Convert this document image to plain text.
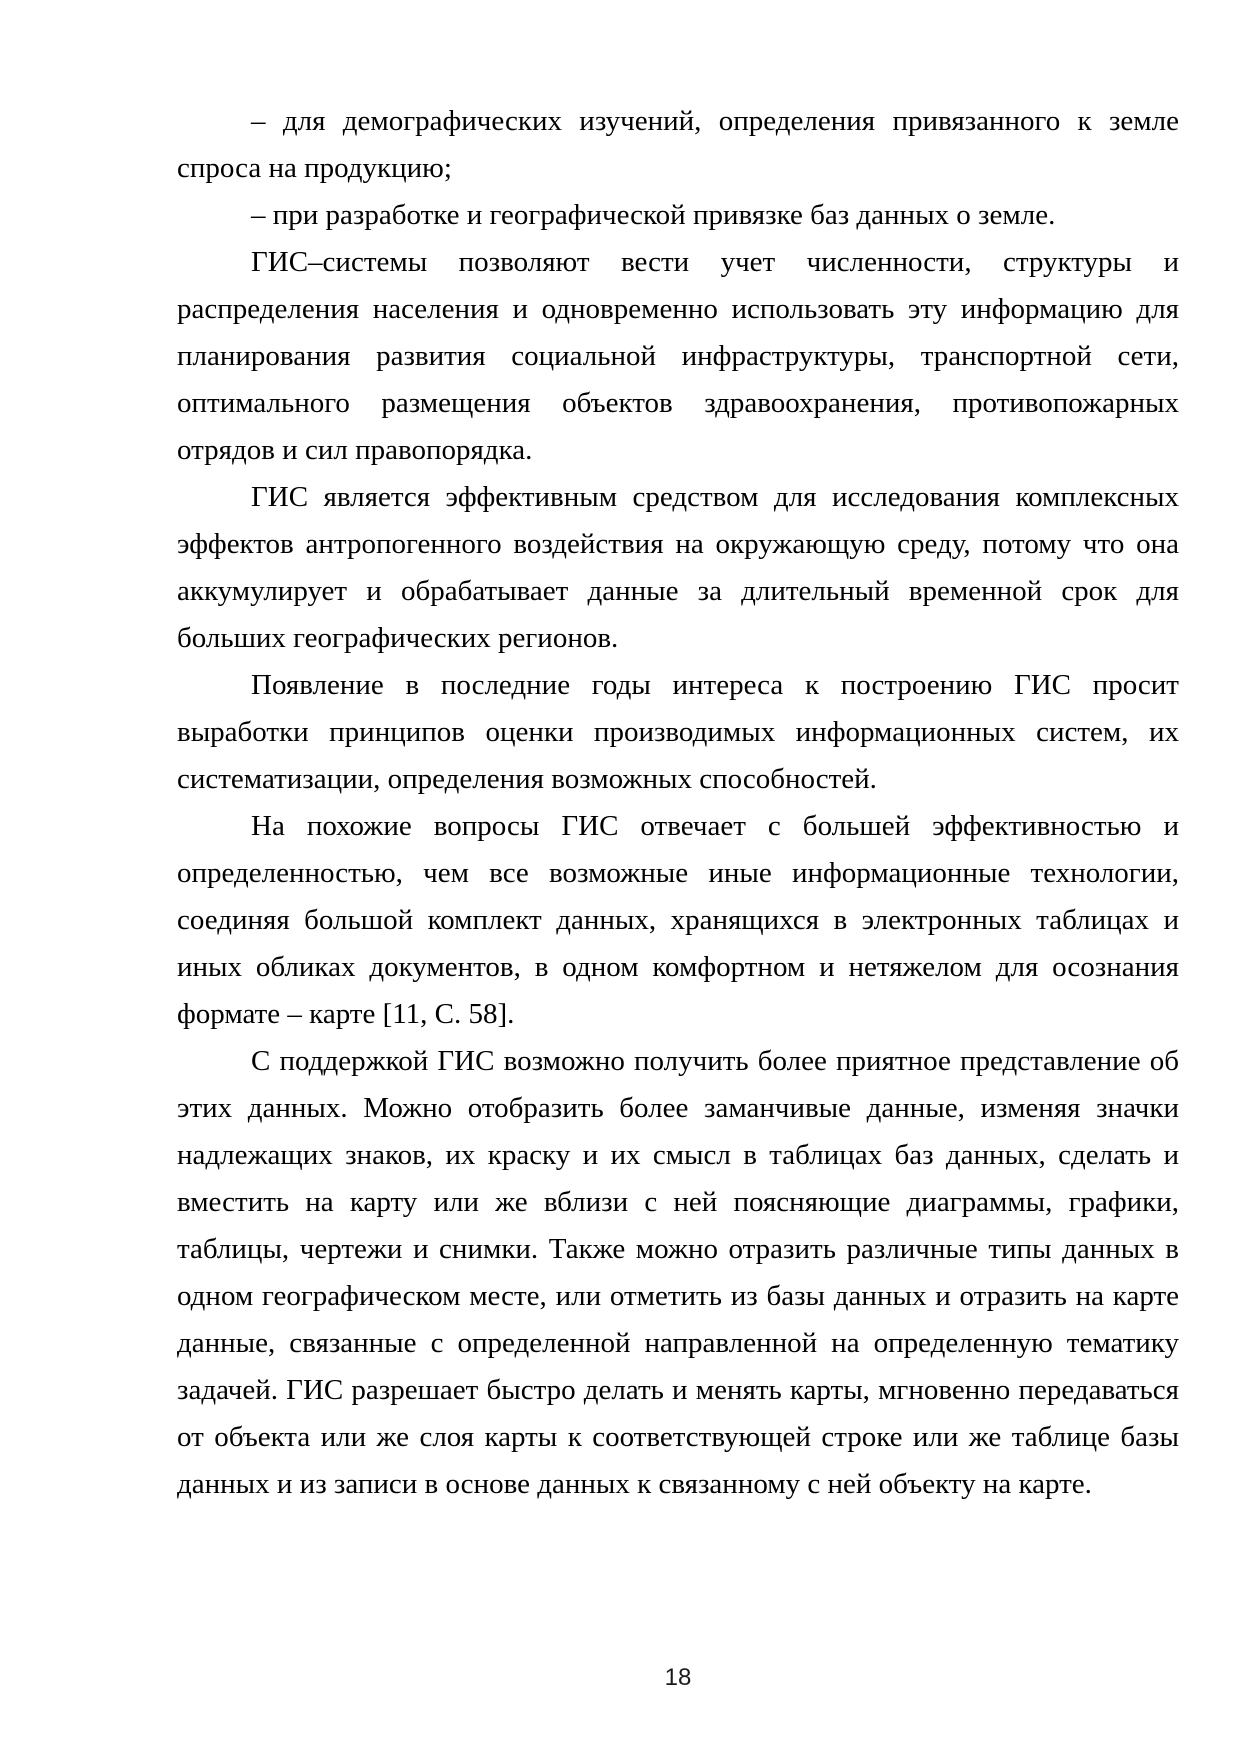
– для демографических изучений, определения привязанного к земле спроса на продукцию;

– при разработке и географической привязке баз данных о земле.

ГИС–системы позволяют вести учет численности, структуры и распределения населения и одновременно использовать эту информацию для планирования развития социальной инфраструктуры, транспортной сети, оптимального размещения объектов здравоохранения, противопожарных отрядов и сил правопорядка.

ГИС является эффективным средством для исследования комплексных эффектов антропогенного воздействия на окружающую среду, потому что она аккумулирует и обрабатывает данные за длительный временной срок для больших географических регионов.

Появление в последние годы интереса к построению ГИС просит выработки принципов оценки производимых информационных систем, их систематизации, определения возможных способностей.

На похожие вопросы ГИС отвечает с большей эффективностью и определенностью, чем все возможные иные информационные технологии, соединяя большой комплект данных, хранящихся в электронных таблицах и иных обликах документов, в одном комфортном и нетяжелом для осознания формате – карте [11, С. 58].

С поддержкой ГИС возможно получить более приятное представление об этих данных. Можно отобразить более заманчивые данные, изменяя значки надлежащих знаков, их краску и их смысл в таблицах баз данных, сделать и вместить на карту или же вблизи с ней поясняющие диаграммы, графики, таблицы, чертежи и снимки. Также можно отразить различные типы данных в одном географическом месте, или отметить из базы данных и отразить на карте данные, связанные с определенной направленной на определенную тематику задачей. ГИС разрешает быстро делать и менять карты, мгновенно передаваться от объекта или же слоя карты к соответствующей строке или же таблице базы данных и из записи в основе данных к связанному с ней объекту на карте.

18
